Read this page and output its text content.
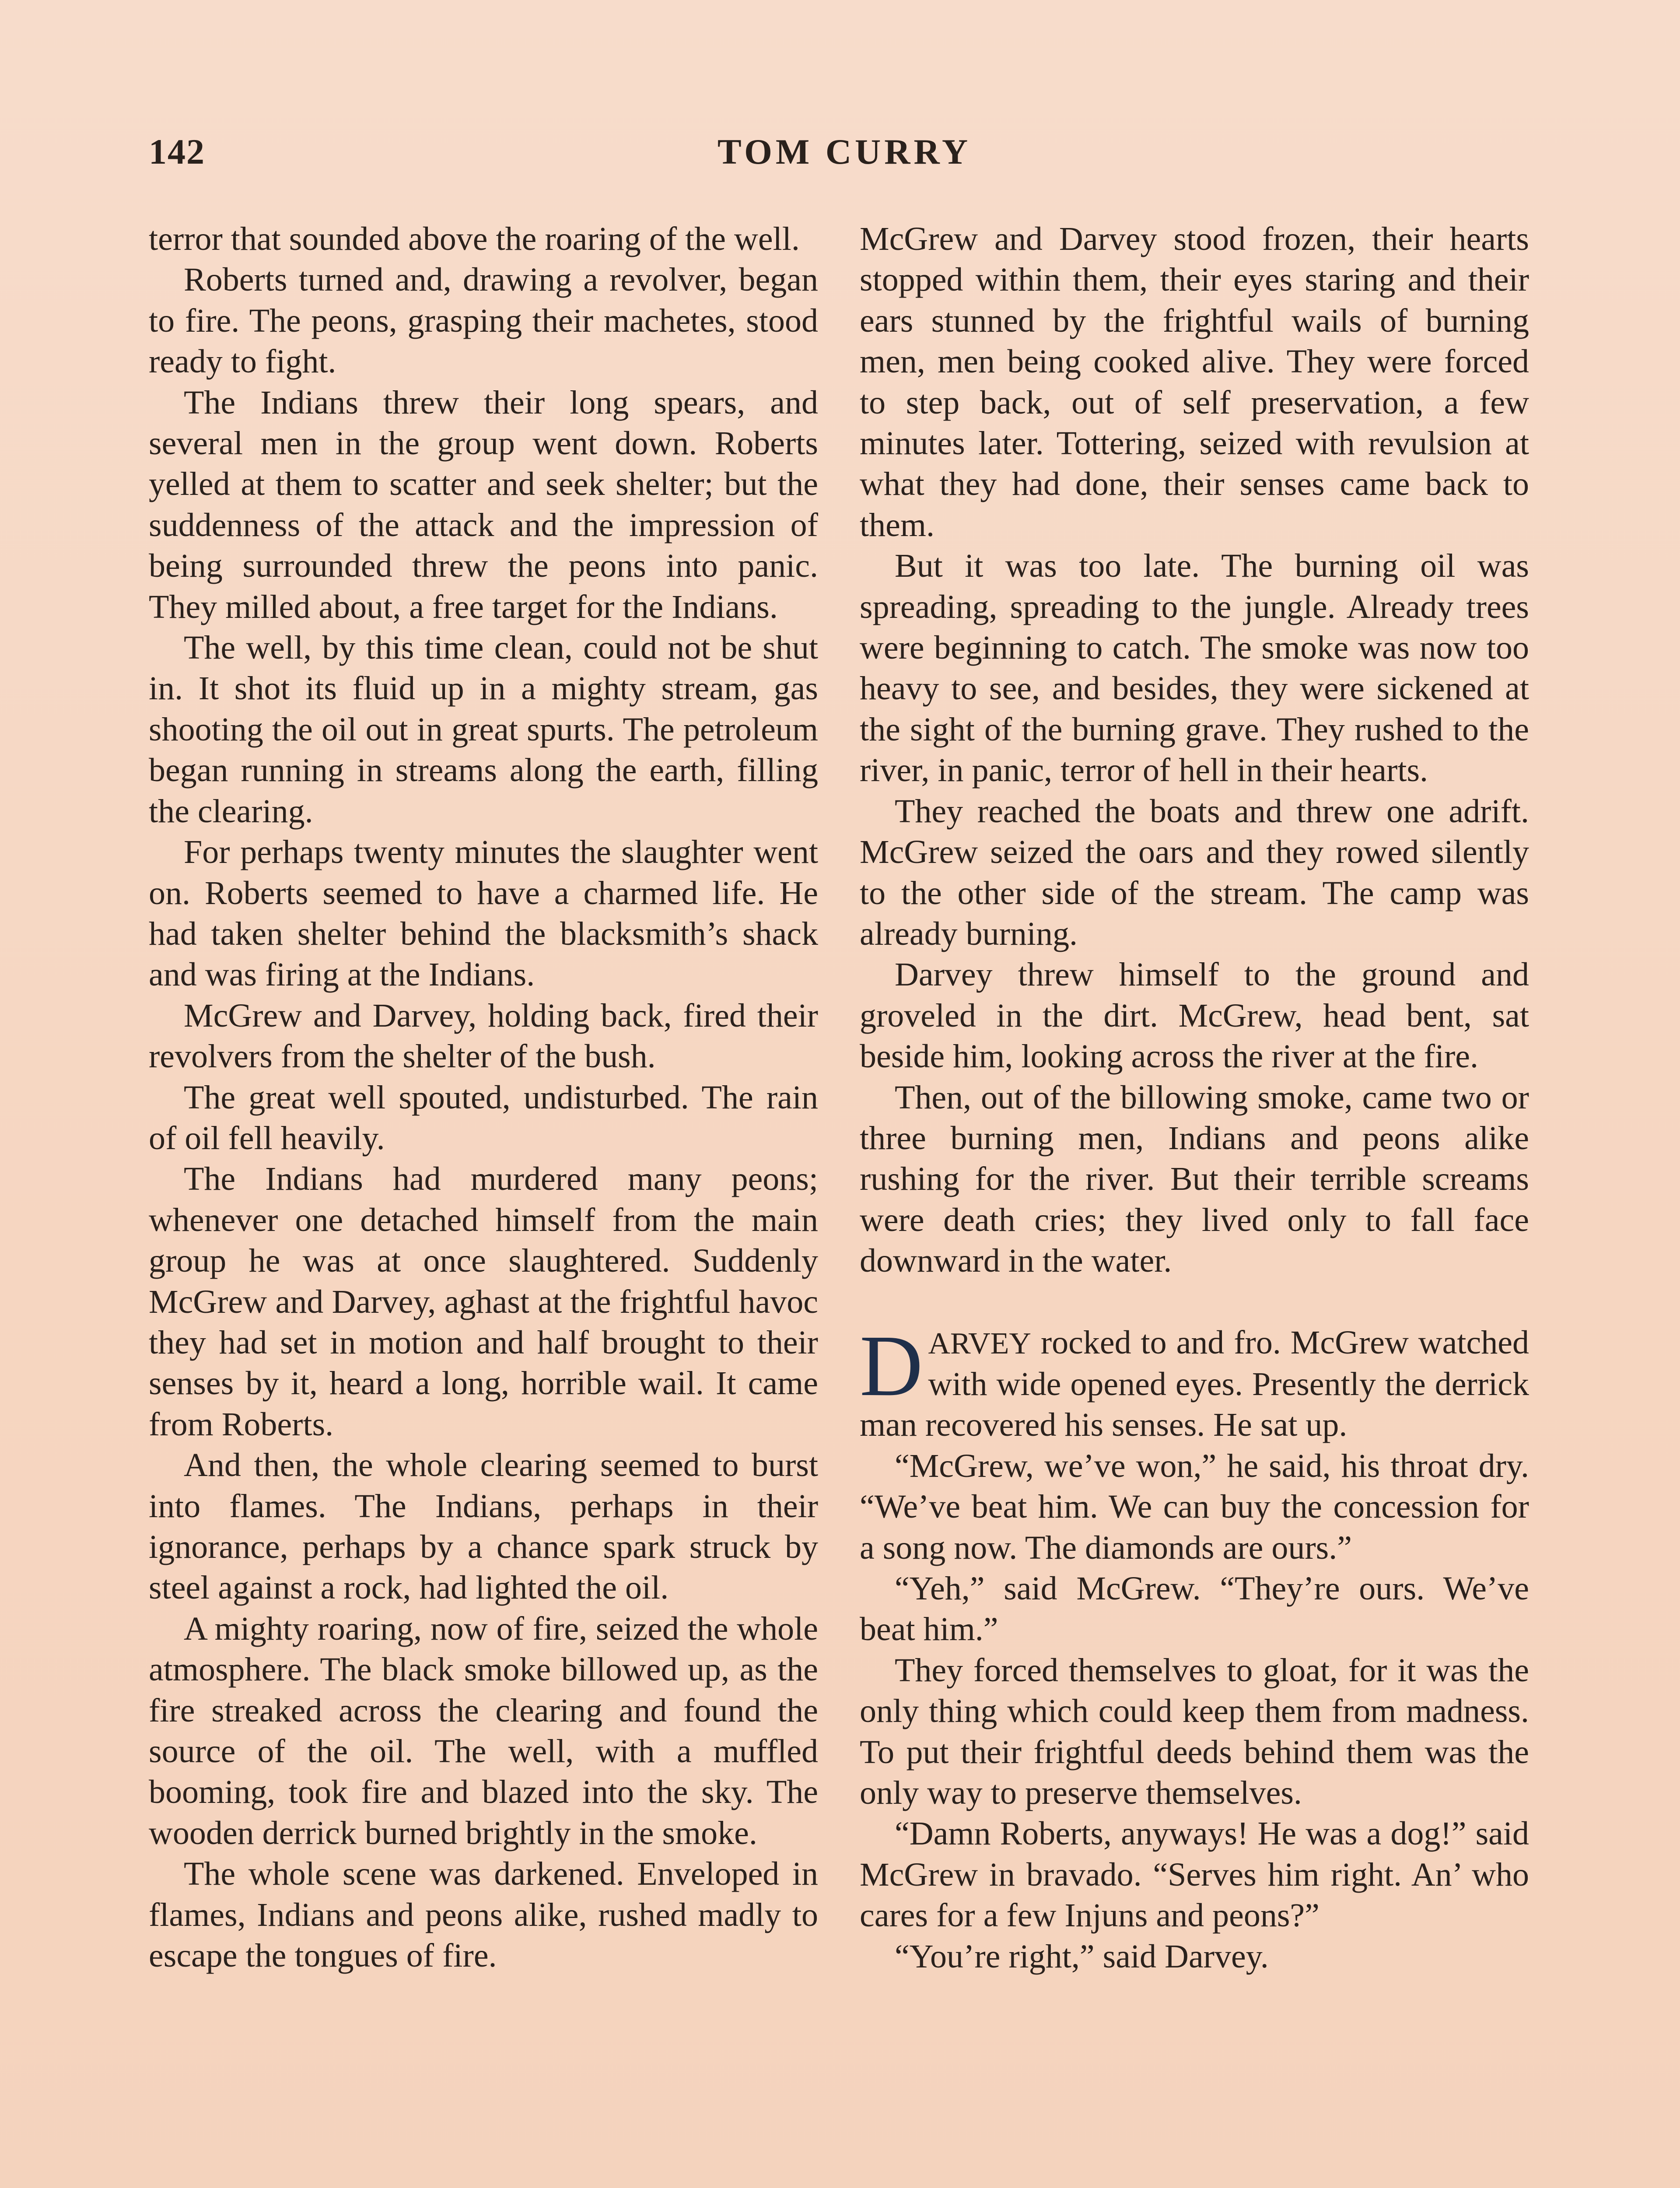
142	TOM CURRY

terror that sounded above the roaring of the well.

Roberts turned and, drawing a revolver, began to fire. The peons, grasping their machetes, stood ready to fight.

The Indians threw their long spears, and several men in the group went down. Roberts yelled at them to scatter and seek shelter; but the suddenness of the attack and the impression of being surrounded threw the peons into panic. They milled about, a free target for the Indians.

The well, by this time clean, could not be shut in. It shot its fluid up in a mighty stream, gas shooting the oil out in great spurts. The petroleum began running in streams along the earth, filling the clearing.

For perhaps twenty minutes the slaughter went on. Roberts seemed to have a charmed life. He had taken shelter behind the blacksmith’s shack and was firing at the Indians.

McGrew and Darvey, holding back, fired their revolvers from the shelter of the bush.

The great well spouted, undisturbed. The rain of oil fell heavily.

The Indians had murdered many peons; whenever one detached himself from the main group he was at once slaughtered. Suddenly McGrew and Darvey, aghast at the frightful havoc they had set in motion and half brought to their senses by it, heard a long, horrible wail. It came from Roberts.

And then, the whole clearing seemed to burst into flames. The Indians, perhaps in their ignorance, perhaps by a chance spark struck by steel against a rock, had lighted the oil.

A mighty roaring, now of fire, seized the whole atmosphere. The black smoke billowed up, as the fire streaked across the clearing and found the source of the oil. The well, with a muffled booming, took fire and blazed into the sky. The wooden derrick burned brightly in the smoke.

The whole scene was darkened. Enveloped in flames, Indians and peons alike, rushed madly to escape the tongues of fire.

McGrew and Darvey stood frozen, their hearts stopped within them, their eyes staring and their ears stunned by the frightful wails of burning men, men being cooked alive. They were forced to step back, out of self preservation, a few minutes later. Tottering, seized with revulsion at what they had done, their senses came back to them.

But it was too late. The burning oil was spreading, spreading to the jungle. Already trees were beginning to catch. The smoke was now too heavy to see, and besides, they were sickened at the sight of the burning grave. They rushed to the river, in panic, terror of hell in their hearts.

They reached the boats and threw one adrift. McGrew seized the oars and they rowed silently to the other side of the stream. The camp was already burning.

Darvey threw himself to the ground and groveled in the dirt. McGrew, head bent, sat beside him, looking across the river at the fire.

Then, out of the billowing smoke, came two or three burning men, Indians and peons alike rushing for the river. But their terrible screams were death cries; they lived only to fall face downward in the water.

DARVEY rocked to and fro. McGrew watched with wide opened eyes. Presently the derrick man recovered his senses. He sat up.

“McGrew, we’ve won,” he said, his throat dry. “We’ve beat him. We can buy the concession for a song now. The diamonds are ours.”

“Yeh,” said McGrew. “They’re ours. We’ve beat him.”

They forced themselves to gloat, for it was the only thing which could keep them from madness. To put their frightful deeds behind them was the only way to preserve themselves.

“Damn Roberts, anyways! He was a dog!” said McGrew in bravado. “Serves him right. An’ who cares for a few Injuns and peons?”

“You’re right,” said Darvey.
